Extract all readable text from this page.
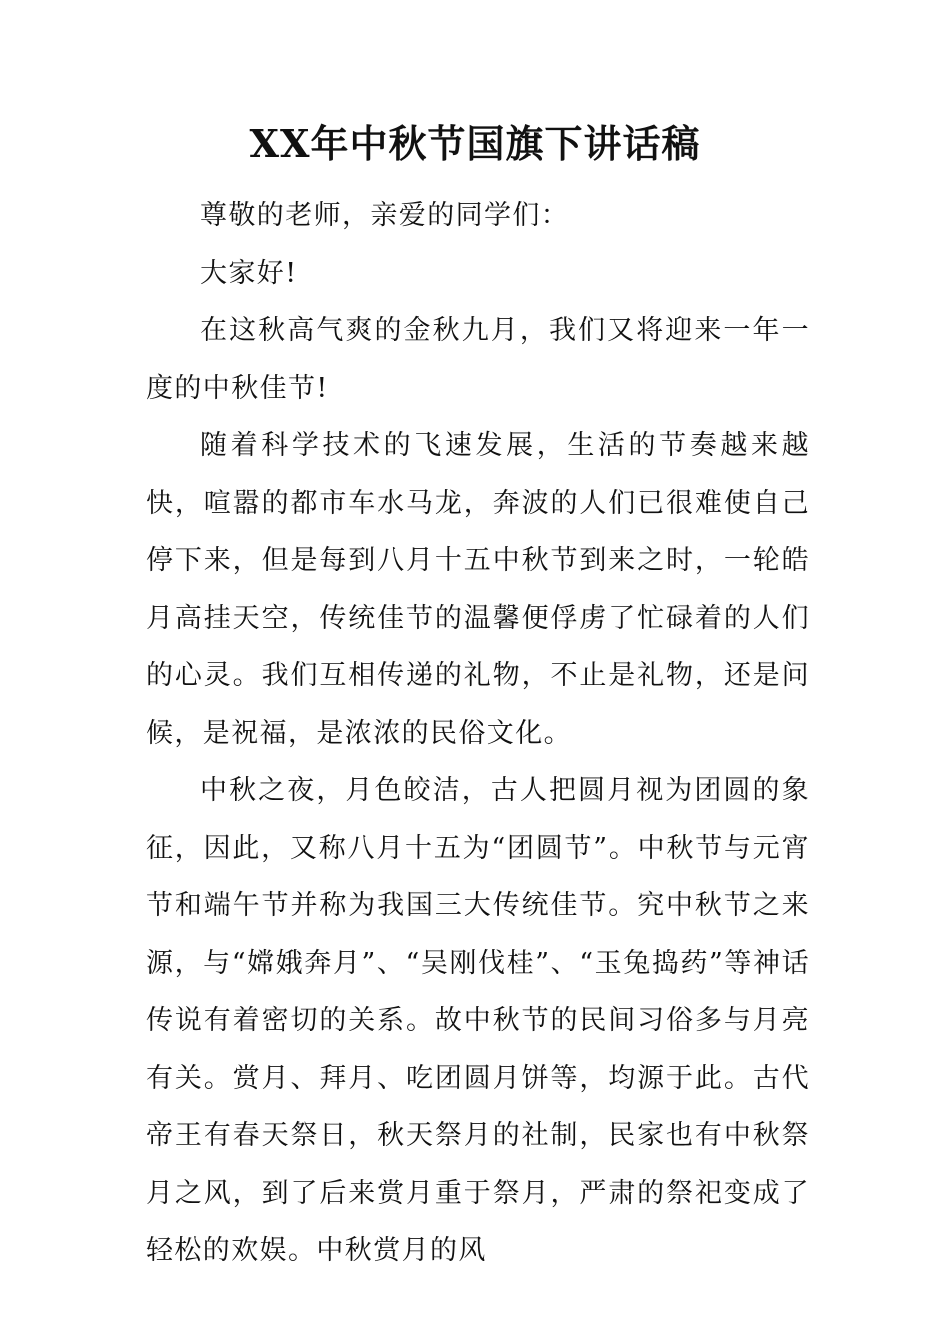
XX年中秋节国旗下讲话稿

尊敬的老师，亲爱的同学们：

大家好!

在这秋高气爽的金秋九月，我们又将迎来一年一度的中秋佳节!

随着科学技术的飞速发展，生活的节奏越来越快，喧嚣的都市车水马龙，奔波的人们已很难使自己停下来，但是每到八月十五中秋节到来之时，一轮皓月高挂天空，传统佳节的温馨便俘虏了忙碌着的人们的心灵。我们互相传递的礼物，不止是礼物，还是问候，是祝福，是浓浓的民俗文化。

中秋之夜，月色皎洁，古人把圆月视为团圆的象征，因此，又称八月十五为“团圆节”。中秋节与元宵节和端午节并称为我国三大传统佳节。究中秋节之来源，与“嫦娥奔月”、“吴刚伐桂”、“玉兔捣药”等神话传说有着密切的关系。故中秋节的民间习俗多与月亮有关。赏月、拜月、吃团圆月饼等，均源于此。古代帝王有春天祭日，秋天祭月的社制，民家也有中秋祭月之风，到了后来赏月重于祭月，严肃的祭祀变成了轻松的欢娱。中秋赏月的风
